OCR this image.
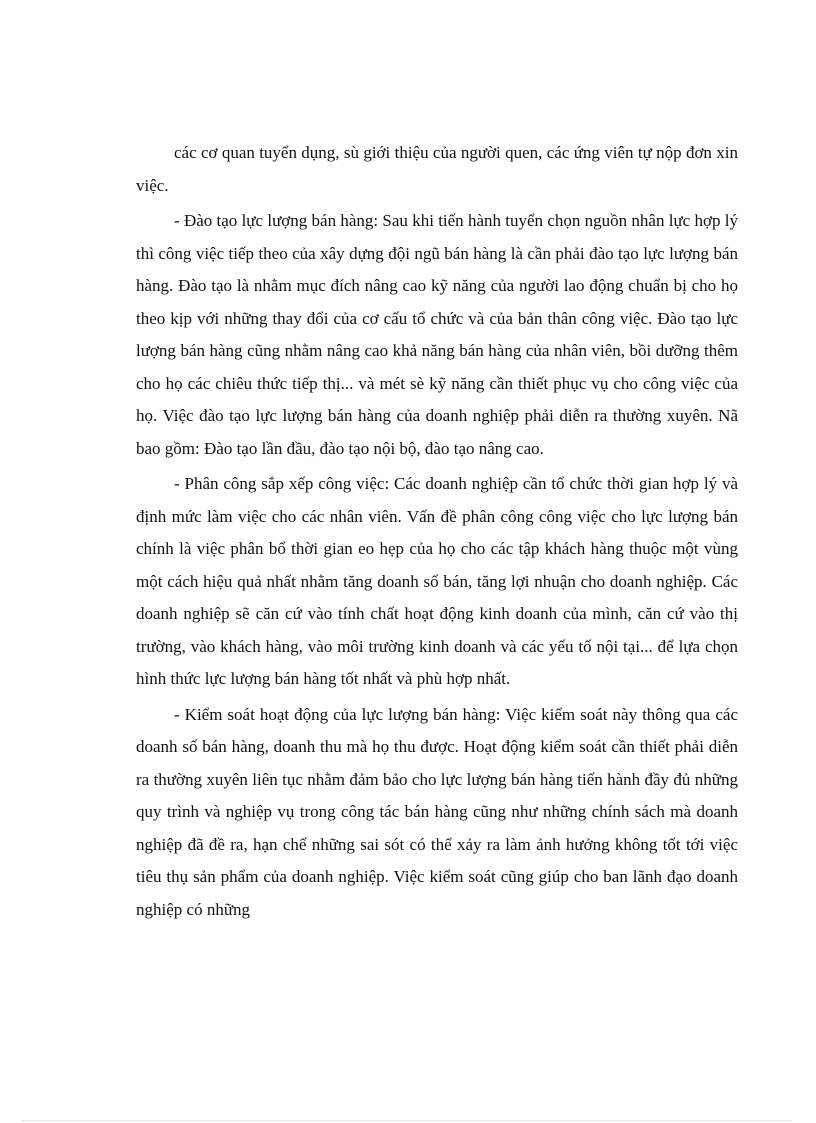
các cơ quan tuyển dụng, sù giới thiệu của người quen, các ứng viên tự nộp đơn xin việc.

- Đào tạo lực lượng bán hàng: Sau khi tiến hành tuyển chọn nguồn nhân lực hợp lý thì công việc tiếp theo của xây dựng đội ngũ bán hàng là cần phải đào tạo lực lượng bán hàng. Đào tạo là nhằm mục đích nâng cao kỹ năng của người lao động chuẩn bị cho họ theo kịp với những thay đổi của cơ cấu tổ chức và của bản thân công việc. Đào tạo lực lượng bán hàng cũng nhằm nâng cao khả năng bán hàng của nhân viên, bồi dưỡng thêm cho họ các chiêu thức tiếp thị... và mét sè kỹ năng cần thiết phục vụ cho công việc của họ. Việc đào tạo lực lượng bán hàng của doanh nghiệp phải diễn ra thường xuyên. Nã bao gồm: Đào tạo lần đầu, đào tạo nội bộ, đào tạo nâng cao.

- Phân công sắp xếp công việc: Các doanh nghiệp cần tổ chức thời gian hợp lý và định mức làm việc cho các nhân viên. Vấn đề phân công công việc cho lực lượng bán chính là việc phân bổ thời gian eo hẹp của họ cho các tập khách hàng thuộc một vùng một cách hiệu quả nhất nhằm tăng doanh số bán, tăng lợi nhuận cho doanh nghiệp. Các doanh nghiệp sẽ căn cứ vào tính chất hoạt động kinh doanh của mình, căn cứ vào thị trường, vào khách hàng, vào môi trường kinh doanh và các yếu tố nội tại... để lựa chọn hình thức lực lượng bán hàng tốt nhất và phù hợp nhất.

- Kiểm soát hoạt động của lực lượng bán hàng: Việc kiểm soát này thông qua các doanh số bán hàng, doanh thu mà họ thu được. Hoạt động kiểm soát cần thiết phải diễn ra thường xuyên liên tục nhằm đảm bảo cho lực lượng bán hàng tiến hành đầy đủ những quy trình và nghiệp vụ trong công tác bán hàng cũng như những chính sách mà doanh nghiệp đã đề ra, hạn chế những sai sót có thể xảy ra làm ảnh hưởng không tốt tới việc tiêu thụ sản phẩm của doanh nghiệp. Việc kiểm soát cũng giúp cho ban lãnh đạo doanh nghiệp có những
